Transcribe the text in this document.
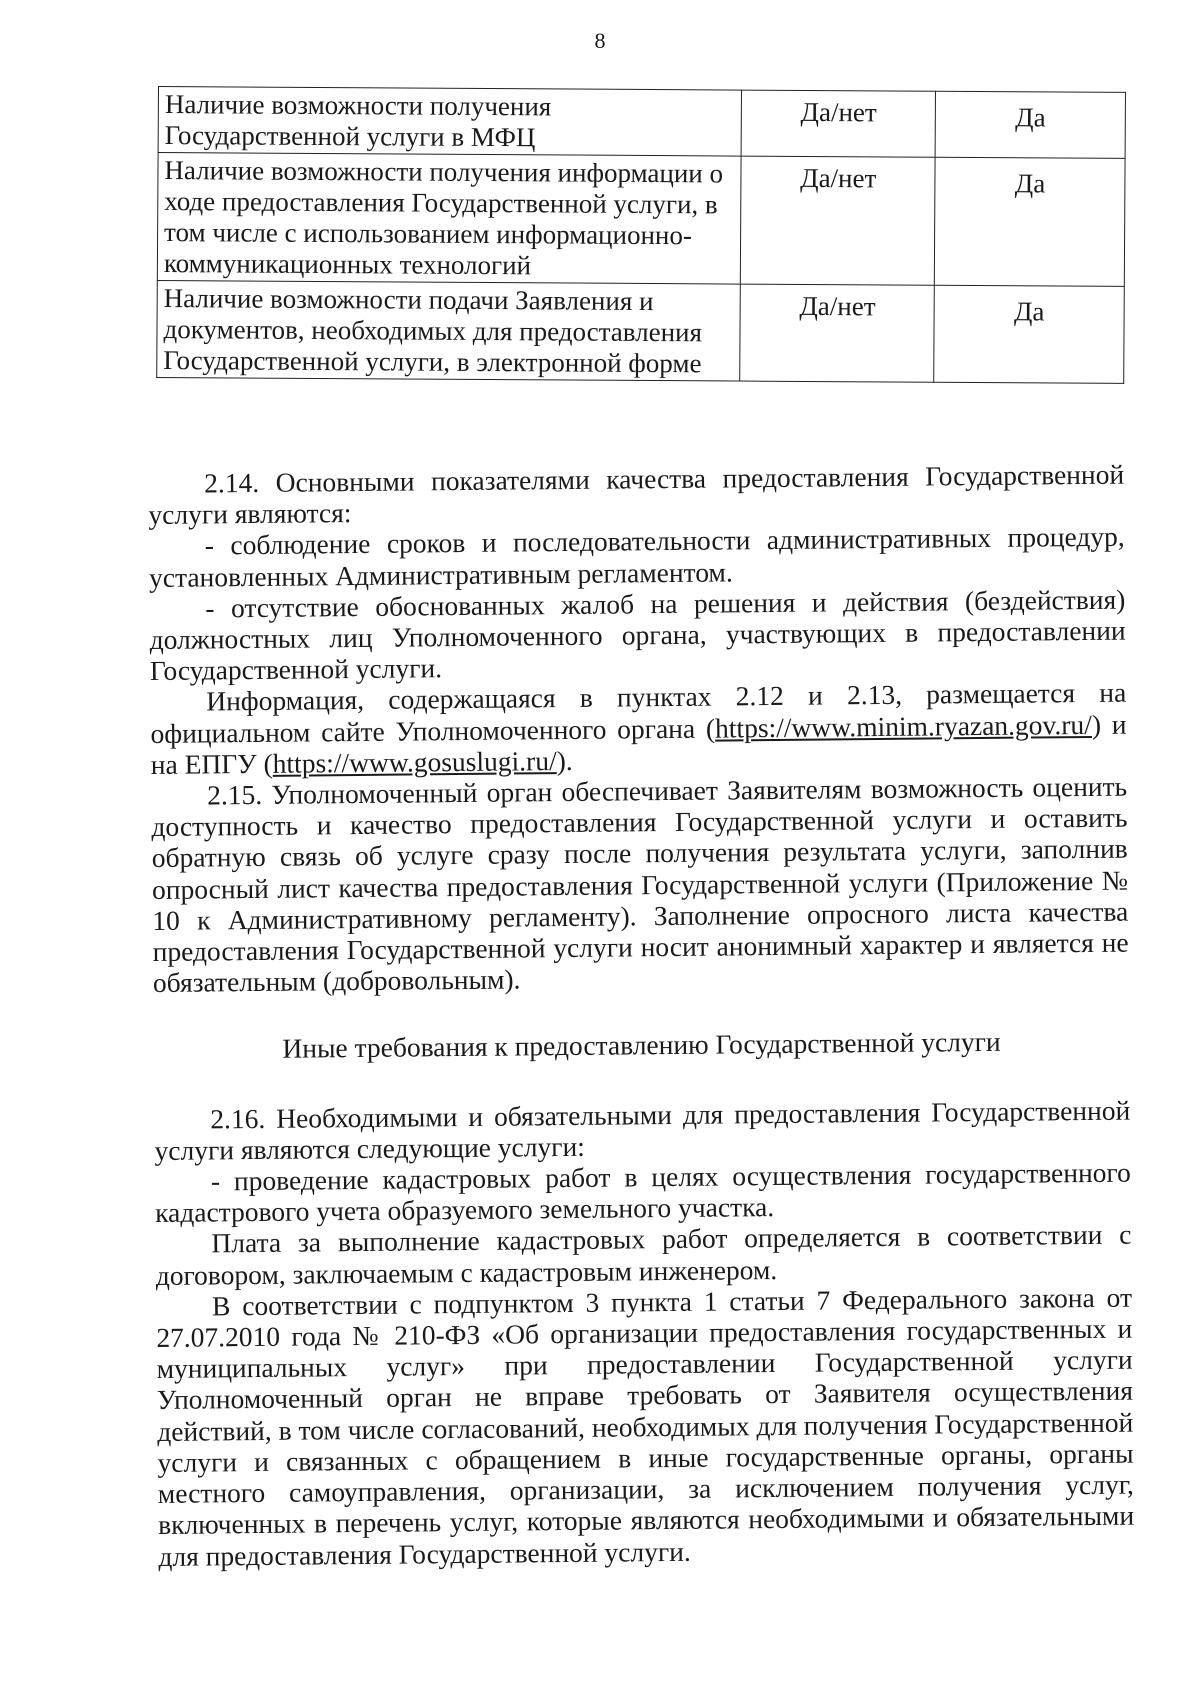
8
Наличие возможности получения Государственной услуги в МФЦ	Да/нет	Да
Наличие возможности получения информации о ходе предоставления Государственной услуги, в том числе с использованием информационно-коммуникационных технологий	Да/нет	Да
Наличие возможности подачи Заявления и документов, необходимых для предоставления Государственной услуги, в электронной форме	Да/нет	Да

2.14. Основными показателями качества предоставления Государственной услуги являются:

- соблюдение сроков и последовательности административных процедур, установленных Административным регламентом.

- отсутствие обоснованных жалоб на решения и действия (бездействия) должностных лиц Уполномоченного органа, участвующих в предоставлении Государственной услуги.

Информация, содержащаяся в пунктах 2.12 и 2.13, размещается на официальном сайте Уполномоченного органа (https://www.minim.ryazan.gov.ru/) и на ЕПГУ (https://www.gosuslugi.ru/).

2.15. Уполномоченный орган обеспечивает Заявителям возможность оценить доступность и качество предоставления Государственной услуги и оставить обратную связь об услуге сразу после получения результата услуги, заполнив опросный лист качества предоставления Государственной услуги (Приложение № 10 к Административному регламенту). Заполнение опросного листа качества предоставления Государственной услуги носит анонимный характер и является не обязательным (добровольным).

Иные требования к предоставлению Государственной услуги

2.16. Необходимыми и обязательными для предоставления Государственной услуги являются следующие услуги:

- проведение кадастровых работ в целях осуществления государственного кадастрового учета образуемого земельного участка.

Плата за выполнение кадастровых работ определяется в соответствии с договором, заключаемым с кадастровым инженером.

В соответствии с подпунктом 3 пункта 1 статьи 7 Федерального закона от 27.07.2010 года № 210-ФЗ «Об организации предоставления государственных и муниципальных услуг» при предоставлении Государственной услуги Уполномоченный орган не вправе требовать от Заявителя осуществления действий, в том числе согласований, необходимых для получения Государственной услуги и связанных с обращением в иные государственные органы, органы местного самоуправления, организации, за исключением получения услуг, включенных в перечень услуг, которые являются необходимыми и обязательными для предоставления Государственной услуги.
